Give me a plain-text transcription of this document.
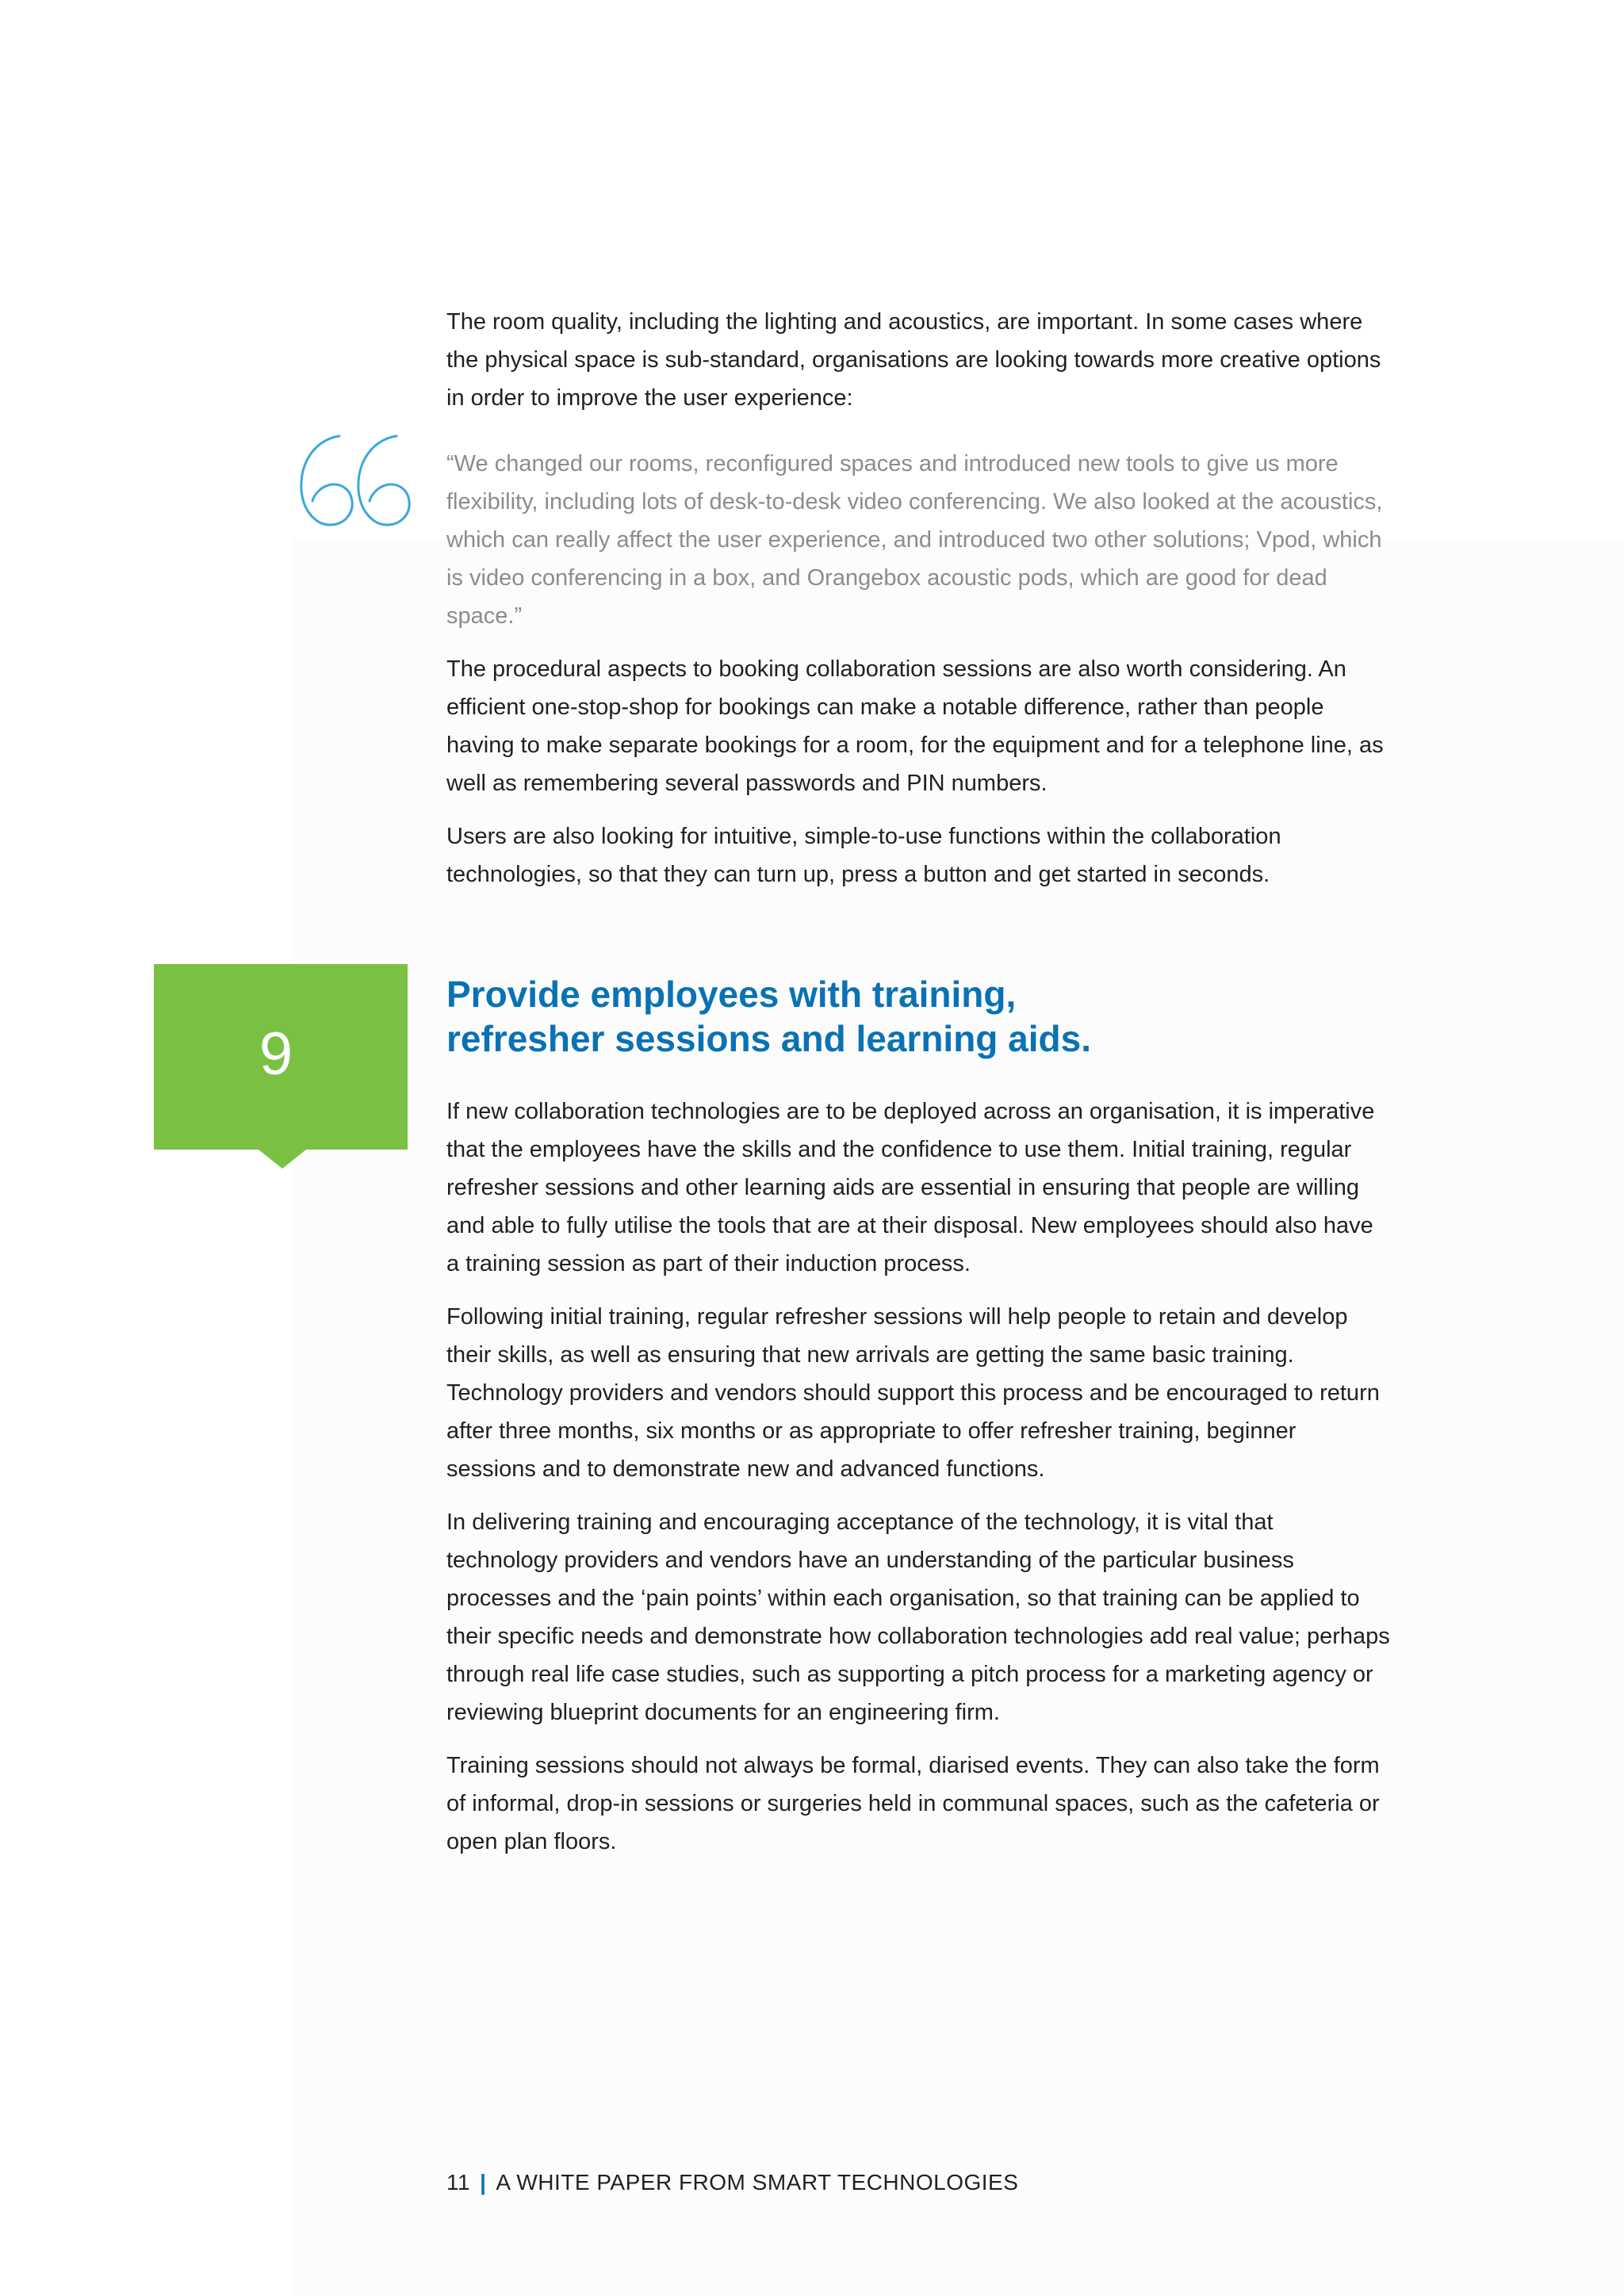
The room quality, including the lighting and acoustics, are important. In some cases where the physical space is sub-standard, organisations are looking towards more creative options in order to improve the user experience:

“We changed our rooms, reconfigured spaces and introduced new tools to give us more flexibility, including lots of desk-to-desk video conferencing. We also looked at the acoustics, which can really affect the user experience, and introduced two other solutions; Vpod, which is video conferencing in a box, and Orangebox acoustic pods, which are good for dead space.”

The procedural aspects to booking collaboration sessions are also worth considering. An efficient one-stop-shop for bookings can make a notable difference, rather than people having to make separate bookings for a room, for the equipment and for a telephone line, as well as remembering several passwords and PIN numbers.

Users are also looking for intuitive, simple-to-use functions within the collaboration technologies, so that they can turn up, press a button and get started in seconds.

9
Provide employees with training,
refresher sessions and learning aids.

If new collaboration technologies are to be deployed across an organisation, it is imperative that the employees have the skills and the confidence to use them. Initial training, regular refresher sessions and other learning aids are essential in ensuring that people are willing and able to fully utilise the tools that are at their disposal. New employees should also have a training session as part of their induction process.

Following initial training, regular refresher sessions will help people to retain and develop their skills, as well as ensuring that new arrivals are getting the same basic training. Technology providers and vendors should support this process and be encouraged to return after three months, six months or as appropriate to offer refresher training, beginner sessions and to demonstrate new and advanced functions.

In delivering training and encouraging acceptance of the technology, it is vital that technology providers and vendors have an understanding of the particular business processes and the ‘pain points’ within each organisation, so that training can be applied to their specific needs and demonstrate how collaboration technologies add real value; perhaps through real life case studies, such as supporting a pitch process for a marketing agency or reviewing blueprint documents for an engineering firm.

Training sessions should not always be formal, diarised events. They can also take the form of informal, drop-in sessions or surgeries held in communal spaces, such as the cafeteria or open plan floors.

11 | A WHITE PAPER FROM SMART TECHNOLOGIES
